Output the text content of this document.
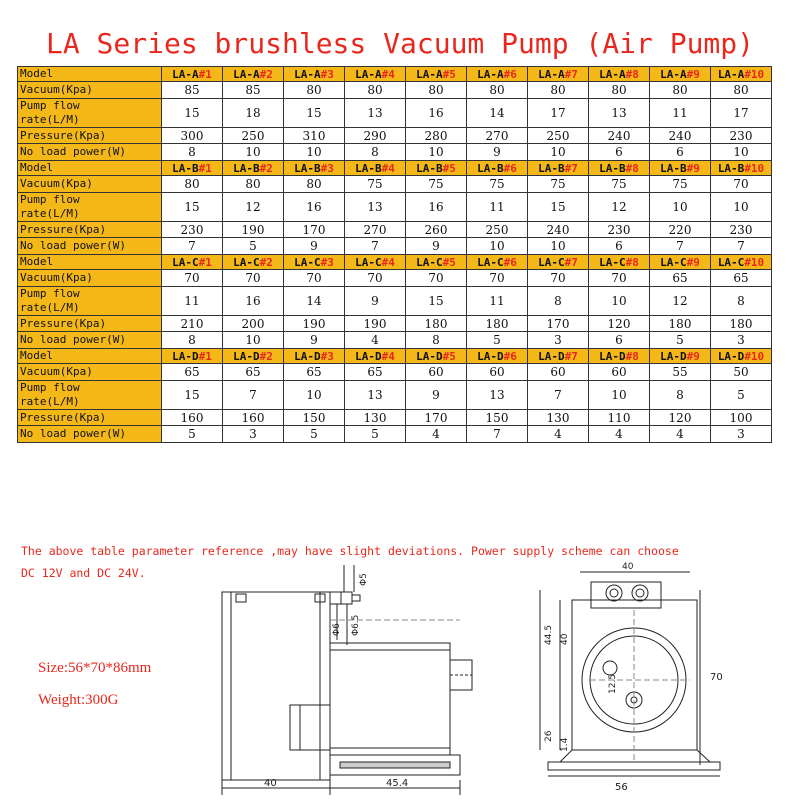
LA Series brushless Vacuum Pump (Air Pump)
Model	LA-A#1	LA-A#2	LA-A#3	LA-A#4	LA-A#5	LA-A#6	LA-A#7	LA-A#8	LA-A#9	LA-A#10
Vacuum(Kpa)	85	85	80	80	80	80	80	80	80	80

Pump flow
rate(L/M)	15	18	15	13	16	14	17	13	11	17
Pressure(Kpa)	300	250	310	290	280	270	250	240	240	230
No load power(W)	8	10	10	8	10	9	10	6	6	10
Model	LA-B#1	LA-B#2	LA-B#3	LA-B#4	LA-B#5	LA-B#6	LA-B#7	LA-B#8	LA-B#9	LA-B#10
Vacuum(Kpa)	80	80	80	75	75	75	75	75	75	70

Pump flow
rate(L/M)	15	12	16	13	16	11	15	12	10	10
Pressure(Kpa)	230	190	170	270	260	250	240	230	220	230
No load power(W)	7	5	9	7	9	10	10	6	7	7
Model	LA-C#1	LA-C#2	LA-C#3	LA-C#4	LA-C#5	LA-C#6	LA-C#7	LA-C#8	LA-C#9	LA-C#10
Vacuum(Kpa)	70	70	70	70	70	70	70	70	65	65

Pump flow
rate(L/M)	11	16	14	9	15	11	8	10	12	8
Pressure(Kpa)	210	200	190	190	180	180	170	120	180	180
No load power(W)	8	10	9	4	8	5	3	6	5	3
Model	LA-D#1	LA-D#2	LA-D#3	LA-D#4	LA-D#5	LA-D#6	LA-D#7	LA-D#8	LA-D#9	LA-D#10
Vacuum(Kpa)	65	65	65	65	60	60	60	60	55	50

Pump flow
rate(L/M)	15	7	10	13	9	13	7	10	8	5
Pressure(Kpa)	160	160	150	130	170	150	130	110	120	100
No load power(W)	5	3	5	5	4	7	4	4	4	3
The above table parameter reference ,may have slight deviations. Power supply scheme can choose
DC 12V and DC 24V.
Size:56*70*86mm
Weight:300G
40	45.4
Φ5
Φ6 Φ6.5
40
44.5 40
12.5
26
1.4
70
56
